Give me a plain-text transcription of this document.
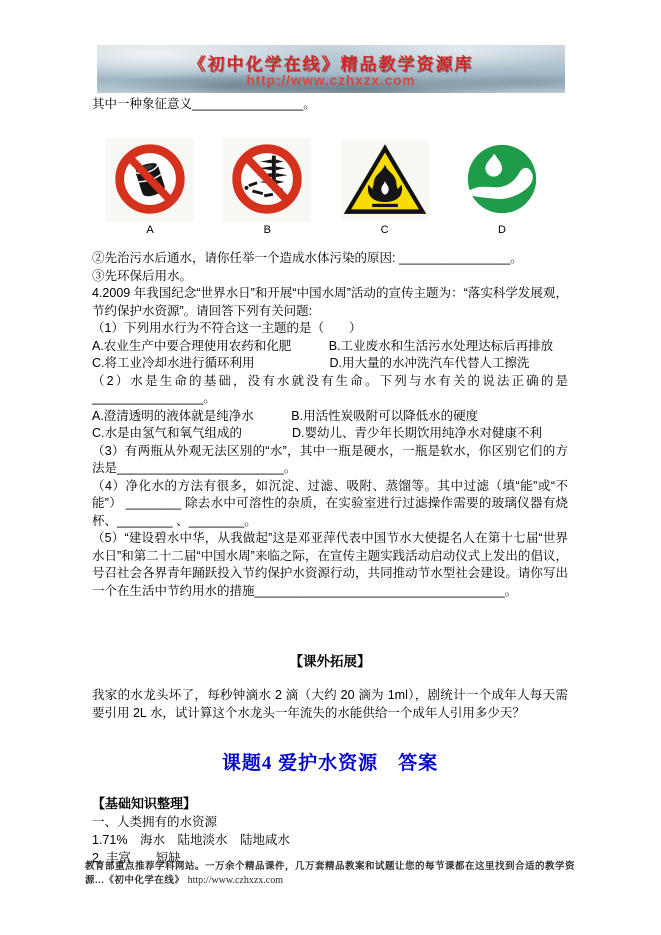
《初中化学在线》精品教学资源库
http://www.czhxzx.com
其中一种象征意义________________。
A	B	C	D

②先治污水后通水，请你任举一个造成水体污染的原因: ________________。

③先环保后用水。

4.2009 年我国纪念“世界水日”和开展“中国水周”活动的宣传主题为：“落实科学发展观，节约保护水资源”。请回答下列有关问题:

（1）下列用水行为不符合这一主题的是（　　）

A.农业生产中要合理使用农药和化肥　　　B.工业废水和生活污水处理达标后再排放

C.将工业冷却水进行循环利用　　　　　　D.用大量的水冲洗汽车代替人工擦洗

（2）水是生命的基础，没有水就没有生命。下列与水有关的说法正确的是________________。

A.澄清透明的液体就是纯净水　　　B.用活性炭吸附可以降低水的硬度

C.水是由氢气和氧气组成的　　　　D.婴幼儿、青少年长期饮用纯净水对健康不利

（3）有两瓶从外观无法区别的“水”，其中一瓶是硬水，一瓶是软水，你区别它们的方法是________________________。

（4）净化水的方法有很多，如沉淀、过滤、吸附、蒸馏等。其中过滤（填“能”或“不能”） ________ 除去水中可溶性的杂质，在实验室进行过滤操作需要的玻璃仪器有烧杯、________ 、________。

（5）“建设碧水中华，从我做起”这是邓亚萍代表中国节水大使提名人在第十七届“世界水日”和第二十二届“中国水周”来临之际，在宣传主题实践活动启动仪式上发出的倡议，号召社会各界青年踊跃投入节约保护水资源行动，共同推动节水型社会建设。请你写出一个在生活中节约用水的措施____________________________________。

【课外拓展】
我家的水龙头坏了，每秒钟滴水 2 滴（大约 20 滴为 1ml），剧统计一个成年人每天需要引用 2L 水，试计算这个水龙头一年流失的水能供给一个成年人引用多少天？
课题4 爱护水资源　答案

【基础知识整理】

一、人类拥有的水资源

1.71%　海水　陆地淡水　陆地咸水

2. 丰富　　短缺

教育部重点推荐学科网站。一万余个精品课件，几万套精品教案和试题让您的每节课都在这里找到合适的教学资源...《初中化学在线》 http://www.czhxzx.com
